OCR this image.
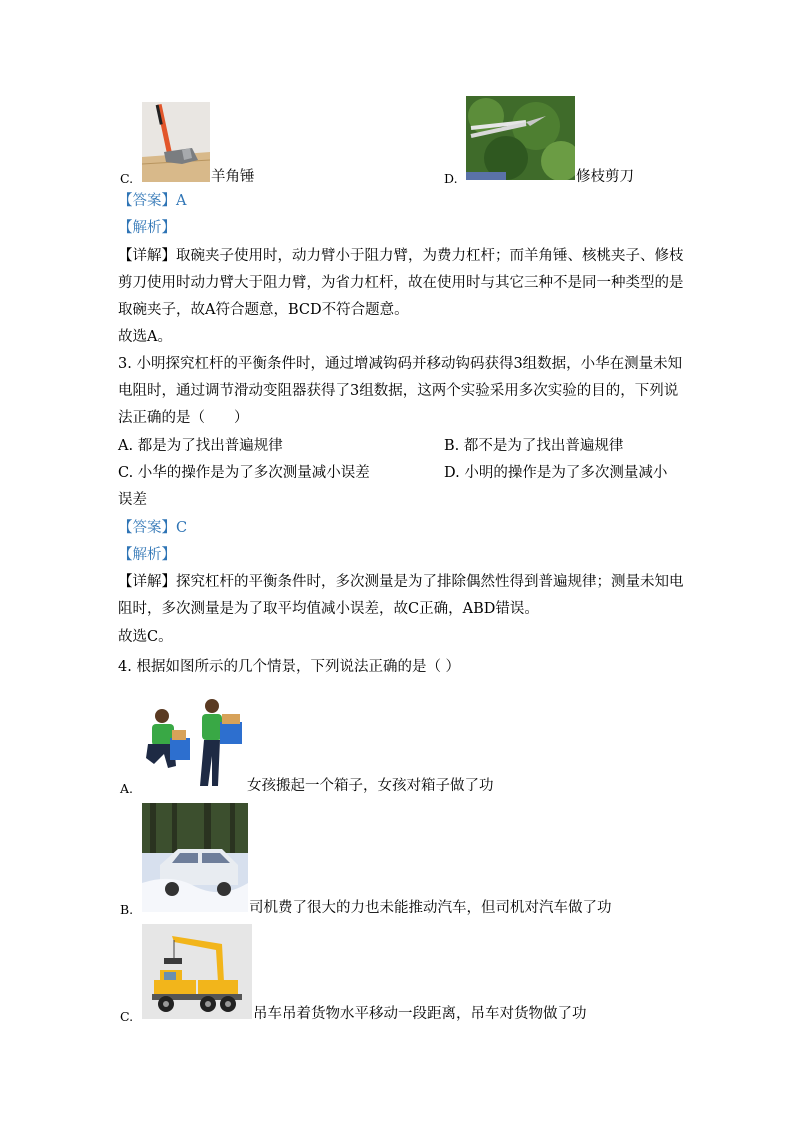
C.	羊角锤	D.	修枝剪刀
【答案】A
【解析】
【详解】取碗夹子使用时，动力臂小于阻力臂，为费力杠杆；而羊角锤、核桃夹子、修枝
剪刀使用时动力臂大于阻力臂，为省力杠杆，故在使用时与其它三种不是同一种类型的是
取碗夹子，故A符合题意，BCD不符合题意。
故选A。
3. 小明探究杠杆的平衡条件时，通过增减钩码并移动钩码获得3组数据，小华在测量未知
电阻时，通过调节滑动变阻器获得了3组数据，这两个实验采用多次实验的目的，下列说
法正确的是（　　）
A. 都是为了找出普遍规律	B. 都不是为了找出普遍规律
C. 小华的操作是为了多次测量减小误差	D. 小明的操作是为了多次测量减小
误差
【答案】C
【解析】
【详解】探究杠杆的平衡条件时，多次测量是为了排除偶然性得到普遍规律；测量未知电
阻时，多次测量是为了取平均值减小误差，故C正确，ABD错误。
故选C。
4. 根据如图所示的几个情景，下列说法正确的是（ ）
A.	女孩搬起一个箱子，女孩对箱子做了功
B.	司机费了很大的力也未能推动汽车，但司机对汽车做了功
C.	吊车吊着货物水平移动一段距离，吊车对货物做了功
